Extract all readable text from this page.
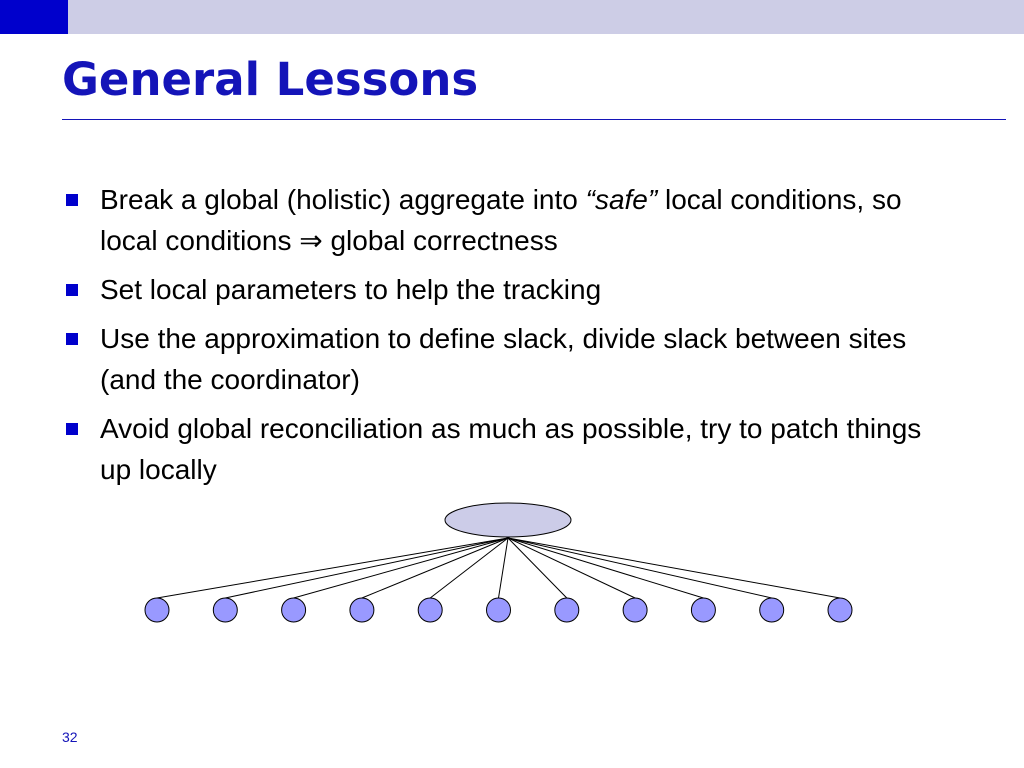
General Lessons
Break a global (holistic) aggregate into “safe” local conditions, so local conditions ⇒ global correctness
Set local parameters to help the tracking
Use the approximation to define slack, divide slack between sites (and the coordinator)
Avoid global reconciliation as much as possible, try to patch things up locally
32
